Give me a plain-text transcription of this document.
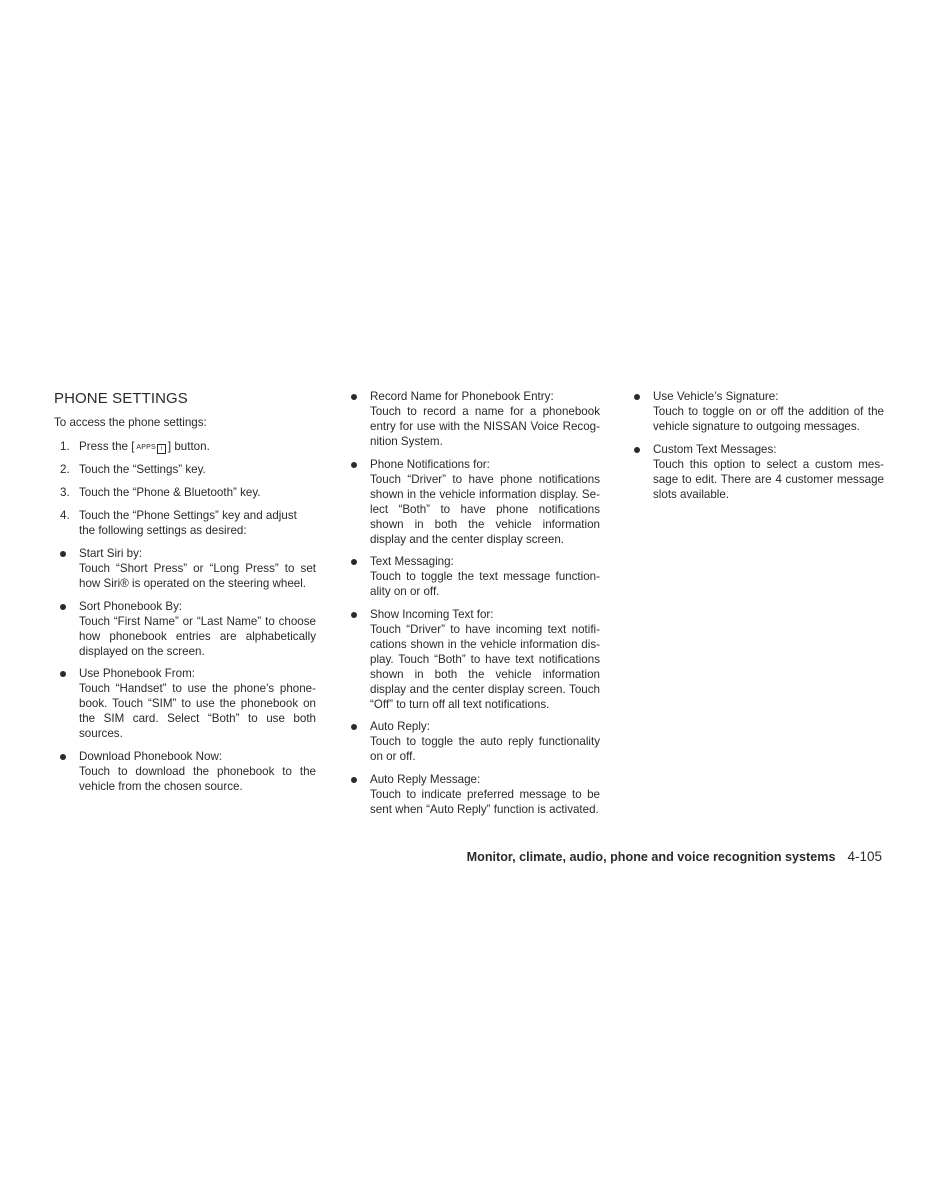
PHONE SETTINGS

To access the phone settings:

1. Press the [ APPS i ] button.
2. Touch the “Settings” key.
3. Touch the “Phone & Bluetooth” key.
4. Touch the “Phone Settings” key and adjust the following settings as desired:
Start Siri by:
Touch “Short Press” or “Long Press” to set how Siri® is operated on the steering wheel.
Sort Phonebook By:
Touch “First Name” or “Last Name” to choose how phonebook entries are alphabetically displayed on the screen.
Use Phonebook From:
Touch “Handset” to use the phone’s phonebook. Touch “SIM” to use the phonebook on the SIM card. Select “Both” to use both sources.
Download Phonebook Now:
Touch to download the phonebook to the vehicle from the chosen source.
Record Name for Phonebook Entry:
Touch to record a name for a phonebook entry for use with the NISSAN Voice Recognition System.
Phone Notifications for:
Touch “Driver” to have phone notifications shown in the vehicle information display. Select “Both” to have phone notifications shown in both the vehicle information display and the center display screen.
Text Messaging:
Touch to toggle the text message functionality on or off.
Show Incoming Text for:
Touch “Driver” to have incoming text notifications shown in the vehicle information display. Touch “Both” to have text notifications shown in both the vehicle information display and the center display screen. Touch “Off” to turn off all text notifications.
Auto Reply:
Touch to toggle the auto reply functionality on or off.
Auto Reply Message:
Touch to indicate preferred message to be sent when “Auto Reply” function is activated.
Use Vehicle’s Signature:
Touch to toggle on or off the addition of the vehicle signature to outgoing messages.
Custom Text Messages:
Touch this option to select a custom message to edit. There are 4 customer message slots available.
Monitor, climate, audio, phone and voice recognition systems 4-105
